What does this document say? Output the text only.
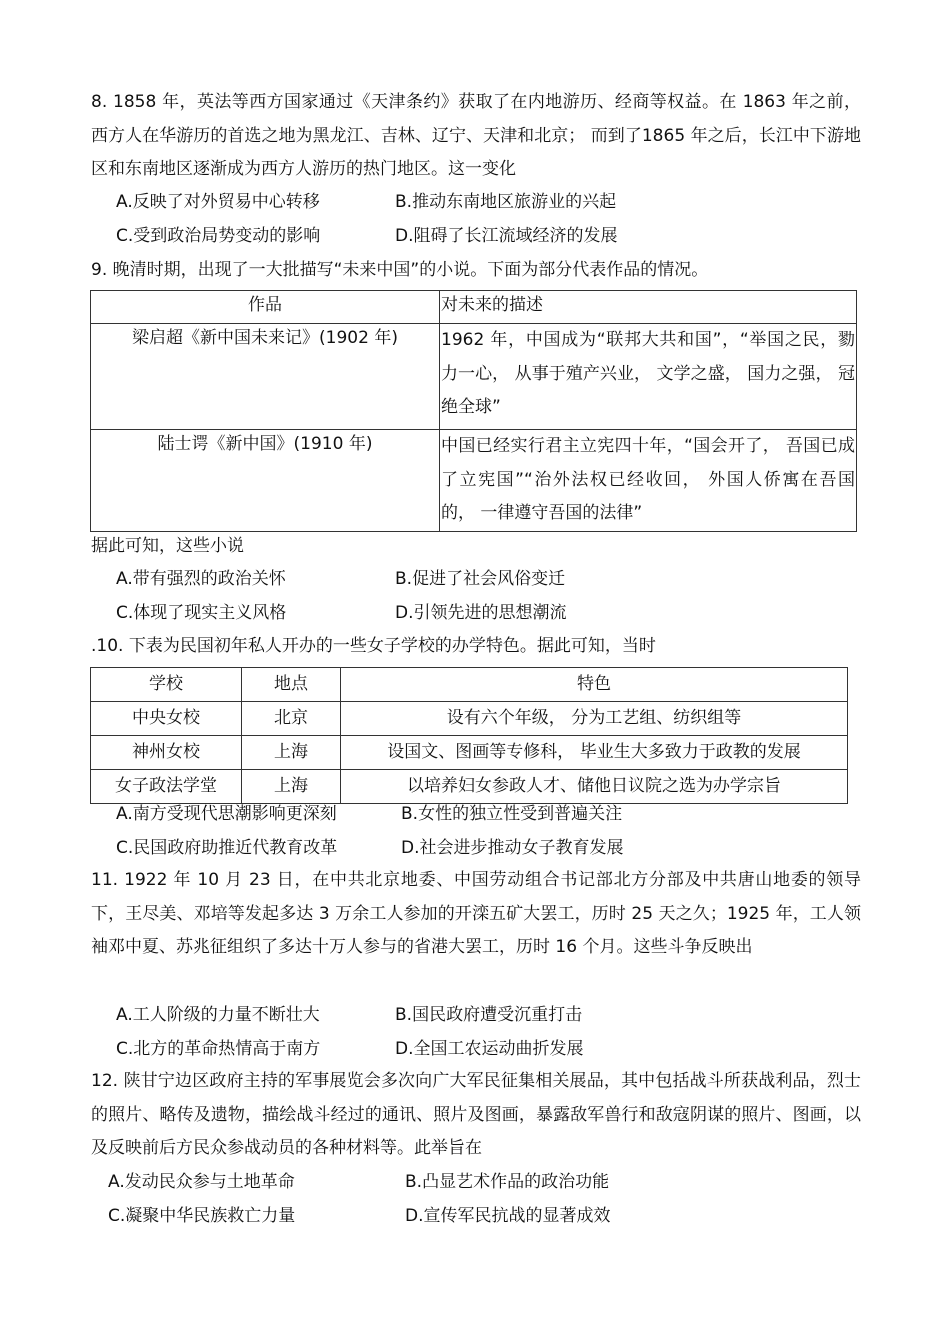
8. 1858 年，英法等西方国家通过《天津条约》获取了在内地游历、经商等权益。在 1863 年之前，西方人在华游历的首选之地为黑龙江、吉林、辽宁、天津和北京； 而到了1865 年之后，长江中下游地区和东南地区逐渐成为西方人游历的热门地区。这一变化
A.反映了对外贸易中心转移	B.推动东南地区旅游业的兴起
C.受到政治局势变动的影响	D.阻碍了长江流域经济的发展
9. 晚清时期，出现了一大批描写“未来中国”的小说。下面为部分代表作品的情况。
作品	对未来的描述
梁启超《新中国未来记》(1902 年)	1962 年，中国成为“联邦大共和国”，“举国之民，勠力一心， 从事于殖产兴业， 文学之盛， 国力之强， 冠绝全球”
陆士谔《新中国》(1910 年)	中国已经实行君主立宪四十年，“国会开了， 吾国已成了立宪国”“治外法权已经收回， 外国人侨寓在吾国的， 一律遵守吾国的法律”
据此可知，这些小说
A.带有强烈的政治关怀	B.促进了社会风俗变迁
C.体现了现实主义风格	D.引领先进的思想潮流
.10. 下表为民国初年私人开办的一些女子学校的办学特色。据此可知，当时
学校	地点	特色
中央女校	北京	设有六个年级， 分为工艺组、纺织组等
神州女校	上海	设国文、图画等专修科， 毕业生大多致力于政教的发展
女子政法学堂	上海	以培养妇女参政人才、储他日议院之选为办学宗旨
A.南方受现代思潮影响更深刻	B.女性的独立性受到普遍关注
C.民国政府助推近代教育改革	D.社会进步推动女子教育发展
11. 1922 年 10 月 23 日，在中共北京地委、中国劳动组合书记部北方分部及中共唐山地委的领导下，王尽美、邓培等发起多达 3 万余工人参加的开滦五矿大罢工，历时 25 天之久；1925 年，工人领袖邓中夏、苏兆征组织了多达十万人参与的省港大罢工，历时 16 个月。这些斗争反映出
A.工人阶级的力量不断壮大	B.国民政府遭受沉重打击
C.北方的革命热情高于南方	D.全国工农运动曲折发展
12. 陕甘宁边区政府主持的军事展览会多次向广大军民征集相关展品，其中包括战斗所获战利品，烈士的照片、略传及遗物，描绘战斗经过的通讯、照片及图画，暴露敌军兽行和敌寇阴谋的照片、图画，以及反映前后方民众参战动员的各种材料等。此举旨在
A.发动民众参与土地革命	B.凸显艺术作品的政治功能
C.凝聚中华民族救亡力量	D.宣传军民抗战的显著成效
